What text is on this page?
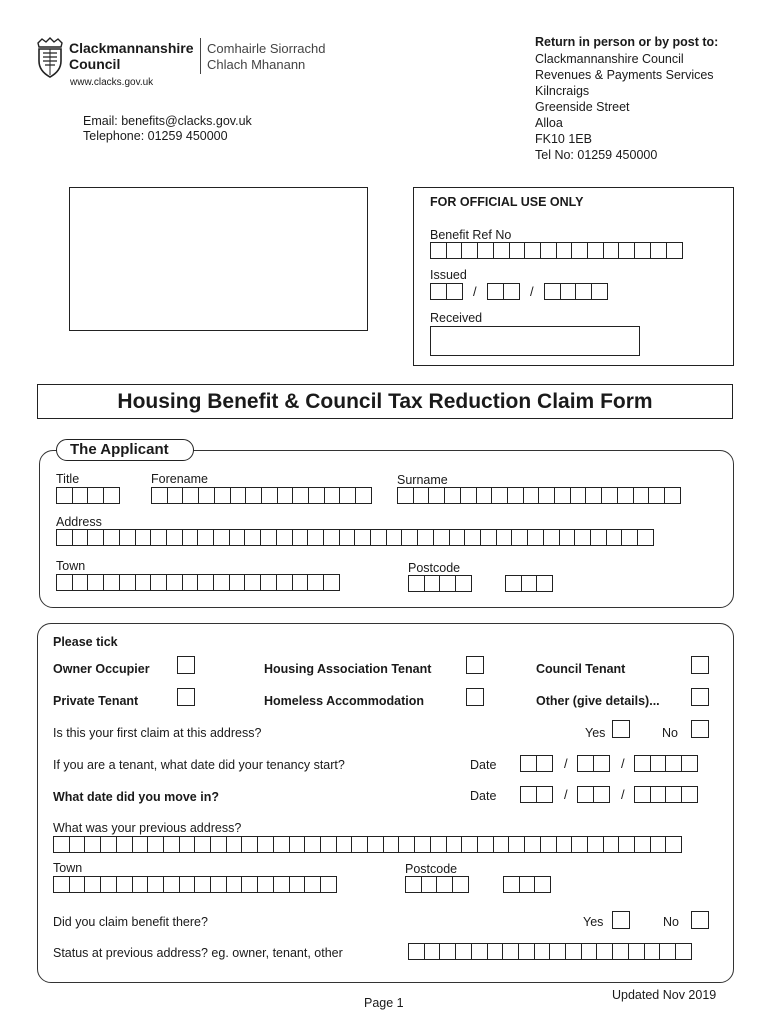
Clackmannanshire
Council
Comhairle Siorrachd
Chlach Mhanann
www.clacks.gov.uk
Email: benefits@clacks.gov.uk
Telephone: 01259 450000
Return in person or by post to:
Clackmannanshire Council
Revenues & Payments Services
Kilncraigs
Greenside Street
Alloa
FK10 1EB
Tel No: 01259 450000
FOR OFFICIAL USE ONLY
Benefit Ref No
Issued
/	/
Received
Housing Benefit & Council Tax Reduction Claim Form
The Applicant
Title	Forename	Surname
Address
Town	Postcode
Please tick
Owner Occupier	Housing Association Tenant	Council Tenant
Private Tenant	Homeless Accommodation	Other (give details)...
Is this your first claim at this address?	Yes	No
If you are a tenant, what date did your tenancy start?	Date	/	/
What date did you move in?	Date	/	/
What was your previous address?
Town	Postcode
Did you claim benefit there?	Yes	No
Status at previous address? eg. owner, tenant, other
Page 1
Updated Nov 2019
